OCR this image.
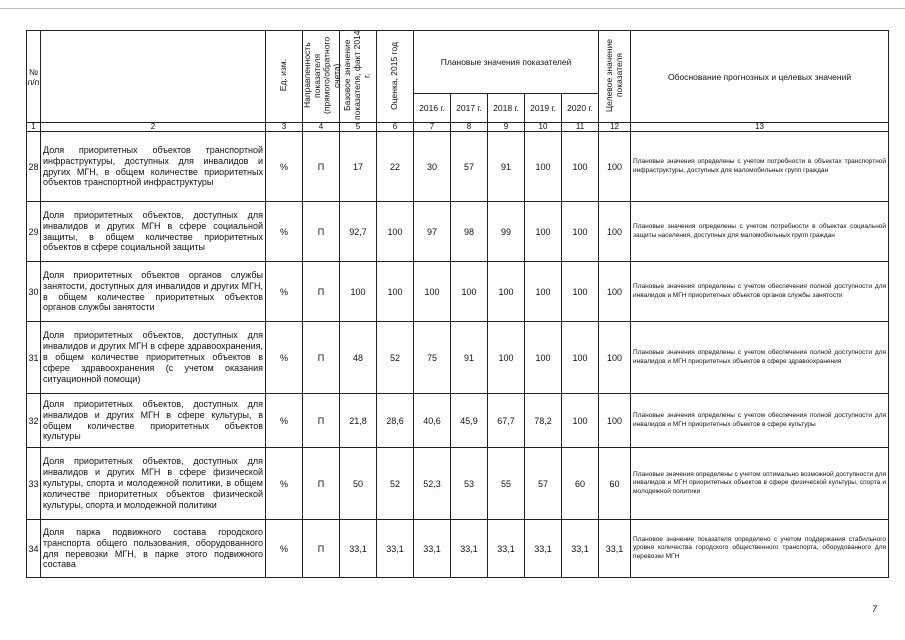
№
п/п		Ед. изм.	Направленность
показателя
(прямого/обратного счета)	Базовое значение
показателя, факт 2014 г.	Оценка, 2015 год	Плановые значения показателей					Целевое значение
показателя	Обоснование прогнозных и целевых значений
						2016 г.	2017 г.	2018 г.	2019 г.	2020 г.		
1	2	3	4	5	6	7	8	9	10	11	12	13
28	Доля приоритетных объектов транспортной инфраструктуры, доступных для инвалидов и других МГН, в общем количестве приоритетных объектов транспортной инфраструктуры	%	П	17	22	30	57	91	100	100	100	Плановые значения определены с учетом потребности в объектах транспортной инфраструктуры, доступных для маломобильных групп граждан
29	Доля приоритетных объектов, доступных для инвалидов и других МГН в сфере социальной защиты, в общем количестве приоритетных объектов в сфере социальной защиты	%	П	92,7	100	97	98	99	100	100	100	Плановые значения определены с учетом потребности в объектах социальной защиты населения, доступных для маломобильных групп граждан
30	Доля приоритетных объектов органов службы занятости, доступных для инвалидов и других МГН, в общем количестве приоритетных объектов органов службы занятости	%	П	100	100	100	100	100	100	100	100	Плановые значения определены с учетом обеспечения полной доступности для инвалидов и МГН приоритетных объектов органов службы занятости
31	Доля приоритетных объектов, доступных для инвалидов и других МГН в сфере здравоохранения, в общем количестве приоритетных объектов в сфере здравоохранения (с учетом оказания ситуационной помощи)	%	П	48	52	75	91	100	100	100	100	Плановые значения определены с учетом обеспечения полной доступности для инвалидов и МГН приоритетных объектов в сфере здравоохранения
32	Доля приоритетных объектов, доступных для инвалидов и других МГН в сфере культуры, в общем количестве приоритетных объектов культуры	%	П	21,8	28,6	40,6	45,9	67,7	78,2	100	100	Плановые значения определены с учетом обеспечения полной доступности для инвалидов и МГН приоритетных объектов в сфере культуры
33	Доля приоритетных объектов, доступных для инвалидов и других МГН в сфере физической культуры, спорта и молодежной политики, в общем количестве приоритетных объектов физической культуры, спорта и молодежной политики	%	П	50	52	52,3	53	55	57	60	60	Плановые значения определены с учетом оптимально возможной доступности для инвалидов и МГН приоритетных объектов в сфере физической культуры, спорта и молодежной политики
34	Доля парка подвижного состава городского транспорта общего пользования, оборудованного для перевозки МГН, в парке этого подвижного состава	%	П	33,1	33,1	33,1	33,1	33,1	33,1	33,1	33,1	Плановое значение показателя определено с учетом поддержания стабильного уровня количества городского общественного транспорта, оборудованного для перевозки МГН
7
